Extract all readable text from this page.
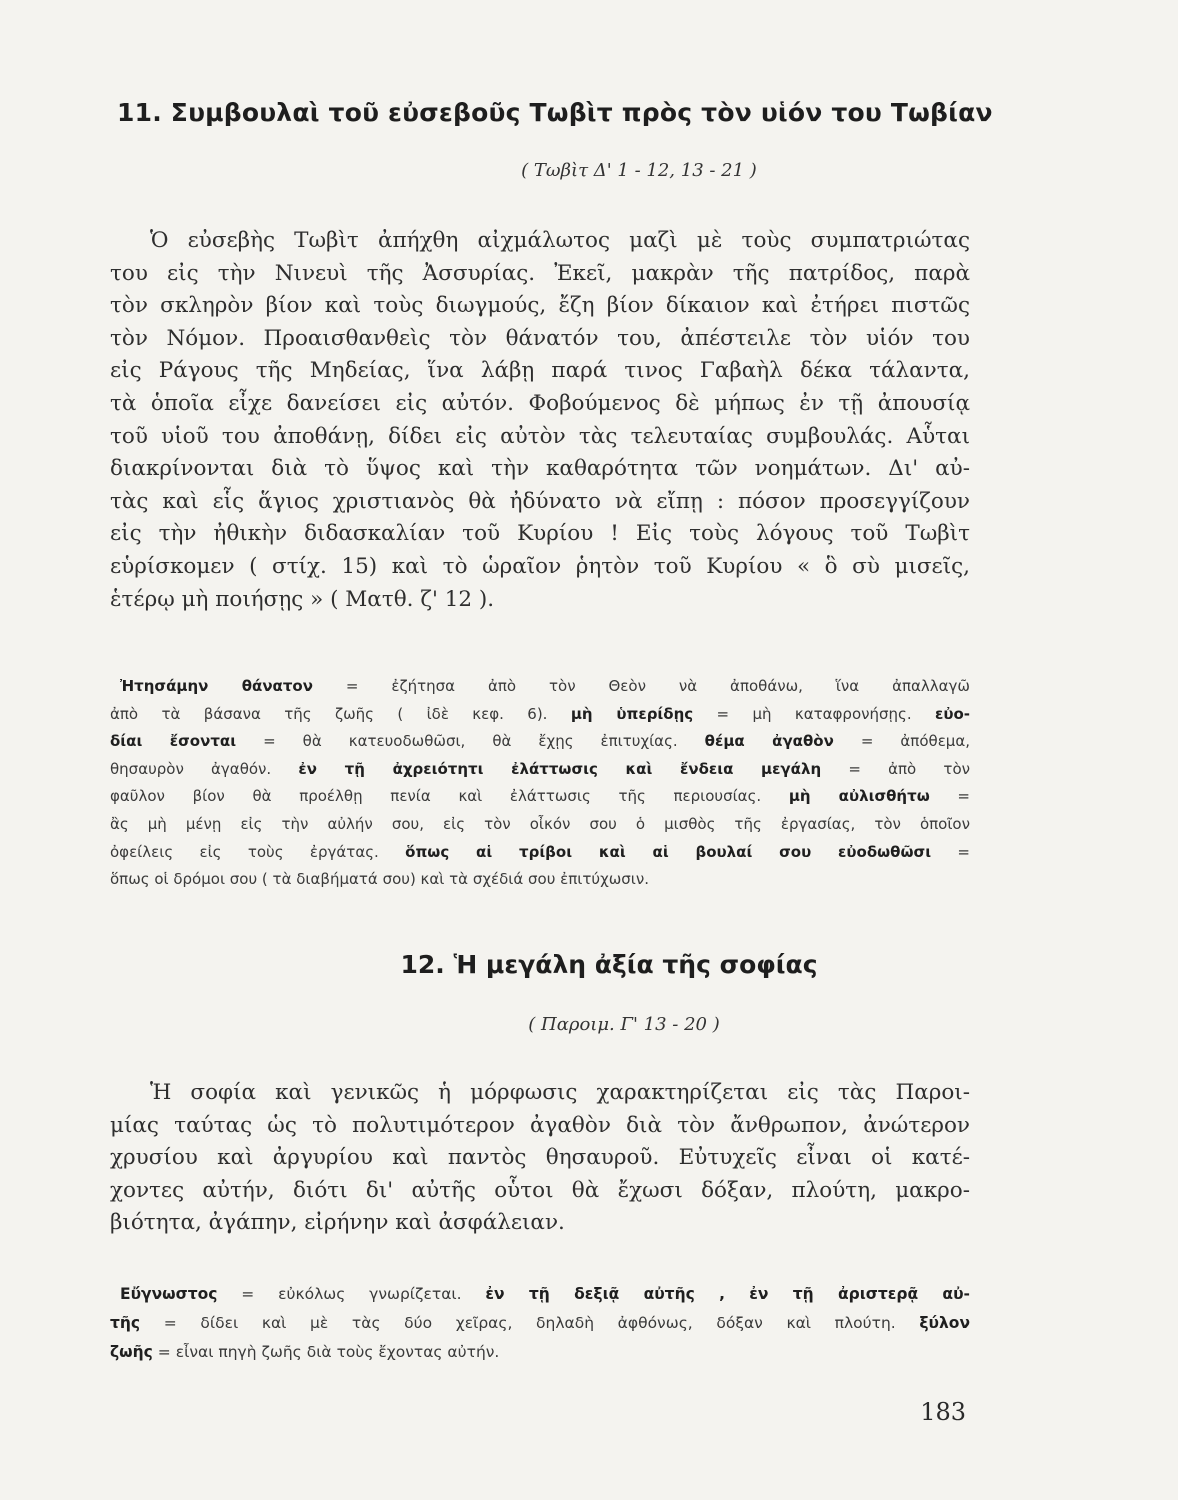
11. Συμβουλαὶ τοῦ εὐσεβοῦς Τωβὶτ πρὸς τὸν υἱόν του Τωβίαν
( Τωβὶτ Δ' 1 - 12, 13 - 21 )
Ὁ εὐσεβὴς Τωβὶτ ἀπήχθη αἰχμάλωτος μαζὶ μὲ τοὺς συμπατριώτας
του εἰς τὴν Νινευὶ τῆς Ἀσσυρίας. Ἐκεῖ, μακρὰν τῆς πατρίδος, παρὰ
τὸν σκληρὸν βίον καὶ τοὺς διωγμούς, ἔζη βίον δίκαιον καὶ ἐτήρει πιστῶς
τὸν Νόμον. Προαισθανθεὶς τὸν θάνατόν του, ἀπέστειλε τὸν υἱόν του
εἰς Ράγους τῆς Μηδείας, ἵνα λάβῃ παρά τινος Γαβαὴλ δέκα τάλαντα,
τὰ ὁποῖα εἶχε δανείσει εἰς αὐτόν. Φοβούμενος δὲ μήπως ἐν τῇ ἀπουσίᾳ
τοῦ υἱοῦ του ἀποθάνῃ, δίδει εἰς αὐτὸν τὰς τελευταίας συμβουλάς. Αὗται
διακρίνονται διὰ τὸ ὕψος καὶ τὴν καθαρότητα τῶν νοημάτων. Δι' αὐ-
τὰς καὶ εἷς ἅγιος χριστιανὸς θὰ ἠδύνατο νὰ εἴπῃ : πόσον προσεγγίζουν
εἰς τὴν ἠθικὴν διδασκαλίαν τοῦ Κυρίου ! Εἰς τοὺς λόγους τοῦ Τωβὶτ
εὑρίσκομεν ( στίχ. 15) καὶ τὸ ὡραῖον ῥητὸν τοῦ Κυρίου « ὃ σὺ μισεῖς,
ἑτέρῳ μὴ ποιήσῃς » ( Ματθ. ζ' 12 ).
Ἠτησάμην θάνατον = ἐζήτησα ἀπὸ τὸν Θεὸν νὰ ἀποθάνω, ἵνα ἀπαλλαγῶ
ἀπὸ τὰ βάσανα τῆς ζωῆς ( ἰδὲ κεφ. 6). μὴ ὑπερίδῃς = μὴ καταφρονήσῃς. εὐο-
δίαι ἔσονται = θὰ κατευοδωθῶσι, θὰ ἔχῃς ἐπιτυχίας. θέμα ἀγαθὸν = ἀπόθεμα,
θησαυρὸν ἀγαθόν. ἐν τῇ ἀχρειότητι ἐλάττωσις καὶ ἔνδεια μεγάλη = ἀπὸ τὸν
φαῦλον βίον θὰ προέλθῃ πενία καὶ ἐλάττωσις τῆς περιουσίας. μὴ αὐλισθήτω =
ἂς μὴ μένῃ εἰς τὴν αὐλήν σου, εἰς τὸν οἶκόν σου ὁ μισθὸς τῆς ἐργασίας, τὸν ὁποῖον
ὀφείλεις εἰς τοὺς ἐργάτας. ὅπως αἱ τρίβοι καὶ αἱ βουλαί σου εὐοδωθῶσι =
ὅπως οἱ δρόμοι σου ( τὰ διαβήματά σου) καὶ τὰ σχέδιά σου ἐπιτύχωσιν.
12. Ἡ μεγάλη ἀξία τῆς σοφίας
( Παροιμ. Γ' 13 - 20 )
Ἡ σοφία καὶ γενικῶς ἡ μόρφωσις χαρακτηρίζεται εἰς τὰς Παροι-
μίας ταύτας ὡς τὸ πολυτιμότερον ἀγαθὸν διὰ τὸν ἄνθρωπον, ἀνώτερον
χρυσίου καὶ ἀργυρίου καὶ παντὸς θησαυροῦ. Εὐτυχεῖς εἶναι οἱ κατέ-
χοντες αὐτήν, διότι δι' αὐτῆς οὗτοι θὰ ἔχωσι δόξαν, πλούτη, μακρο-
βιότητα, ἀγάπην, εἰρήνην καὶ ἀσφάλειαν.
Εὔγνωστος = εὐκόλως γνωρίζεται. ἐν τῇ δεξιᾷ αὐτῆς , ἐν τῇ ἀριστερᾷ αὐ-
τῆς = δίδει καὶ μὲ τὰς δύο χεῖρας, δηλαδὴ ἀφθόνως, δόξαν καὶ πλούτη. ξύλον
ζωῆς = εἶναι πηγὴ ζωῆς διὰ τοὺς ἔχοντας αὐτήν.
183
